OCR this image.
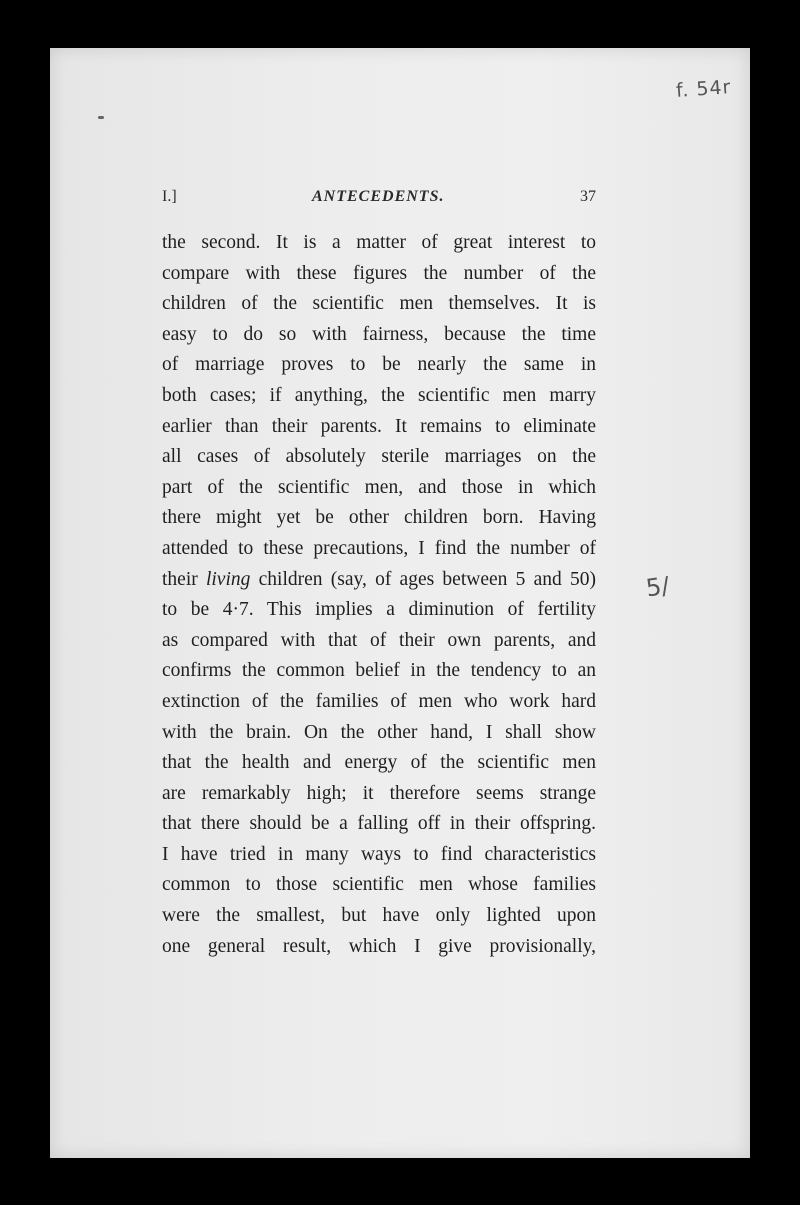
f. 54r
I.]	ANTECEDENTS.	37
the second. It is a matter of great interest to
compare with these figures the number of the
children of the scientific men themselves. It is
easy to do so with fairness, because the time
of marriage proves to be nearly the same in
both cases; if anything, the scientific men marry
earlier than their parents. It remains to eliminate
all cases of absolutely sterile marriages on the
part of the scientific men, and those in which
there might yet be other children born. Having
attended to these precautions, I find the number of
their living children (say, of ages between 5 and 50)
to be 4·7. This implies a diminution of fertility
as compared with that of their own parents, and
confirms the common belief in the tendency to an
extinction of the families of men who work hard
with the brain. On the other hand, I shall show
that the health and energy of the scientific men
are remarkably high; it therefore seems strange
that there should be a falling off in their offspring.
I have tried in many ways to find characteristics
common to those scientific men whose families
were the smallest, but have only lighted upon
one general result, which I give provisionally,
5/
